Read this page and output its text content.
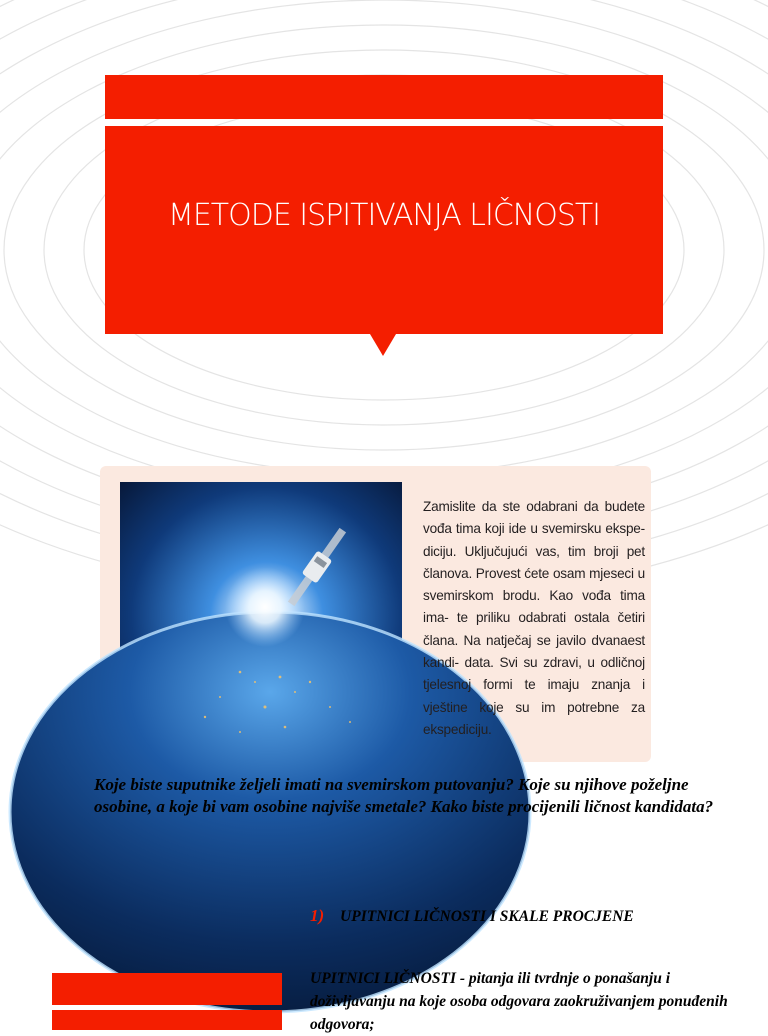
METODE ISPITIVANJA LIČNOSTI
Zamislite da ste odabrani da budete vođa tima koji ide u svemirsku ekspe- diciju. Uključujući vas, tim broji pet članova. Provest ćete osam mjeseci u svemirskom brodu. Kao vođa tima ima- te priliku odabrati ostala četiri člana. Na natječaj se javilo dvanaest kandi- data. Svi su zdravi, u odličnoj tjelesnoj formi te imaju znanja i vještine koje su im potrebne za ekspediciju.
Koje biste suputnike željeli imati na svemirskom putovanju? Koje su njihove poželjne osobine, a koje bi vam osobine najviše smetale? Kako biste procijenili ličnost kandidata?
1) UPITNICI LIČNOSTI I SKALE PROCJENE
UPITNICI LIČNOSTI - pitanja ili tvrdnje o ponašanju i doživljavanju na koje osoba odgovara zaokruživanjem ponuđenih odgovora;
